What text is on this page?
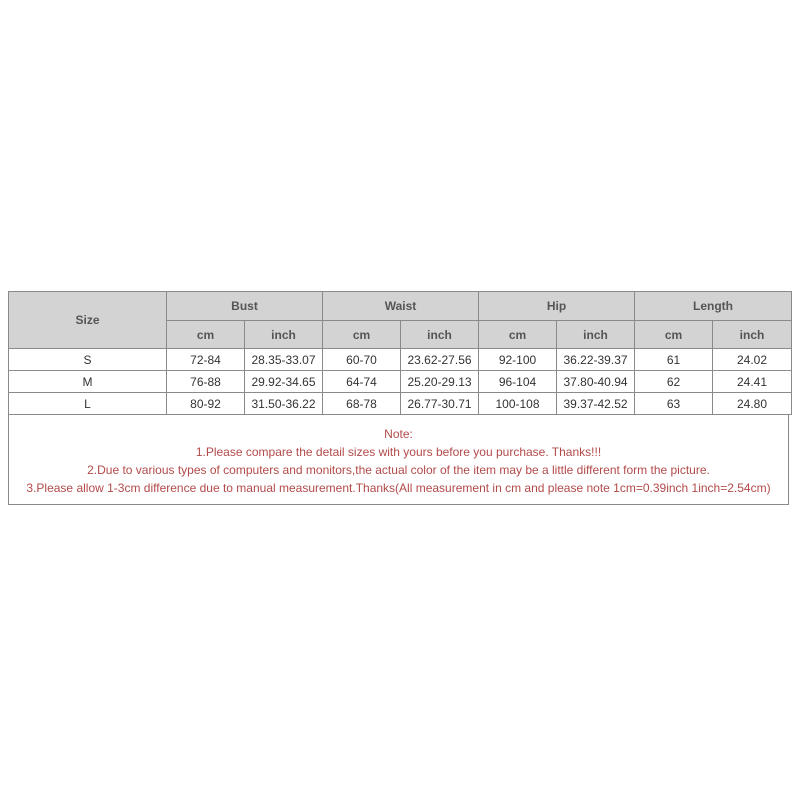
Size	Bust		Waist		Hip		Length	
	cm	inch	cm	inch	cm	inch	cm	inch
S	72-84	28.35-33.07	60-70	23.62-27.56	92-100	36.22-39.37	61	24.02
M	76-88	29.92-34.65	64-74	25.20-29.13	96-104	37.80-40.94	62	24.41
L	80-92	31.50-36.22	68-78	26.77-30.71	100-108	39.37-42.52	63	24.80
Note:
1.Please compare the detail sizes with yours before you purchase. Thanks!!!
2.Due to various types of computers and monitors,the actual color of the item may be a little different form the picture.
3.Please allow 1-3cm difference due to manual measurement.Thanks(All measurement in cm and please note 1cm=0.39inch 1inch=2.54cm)
